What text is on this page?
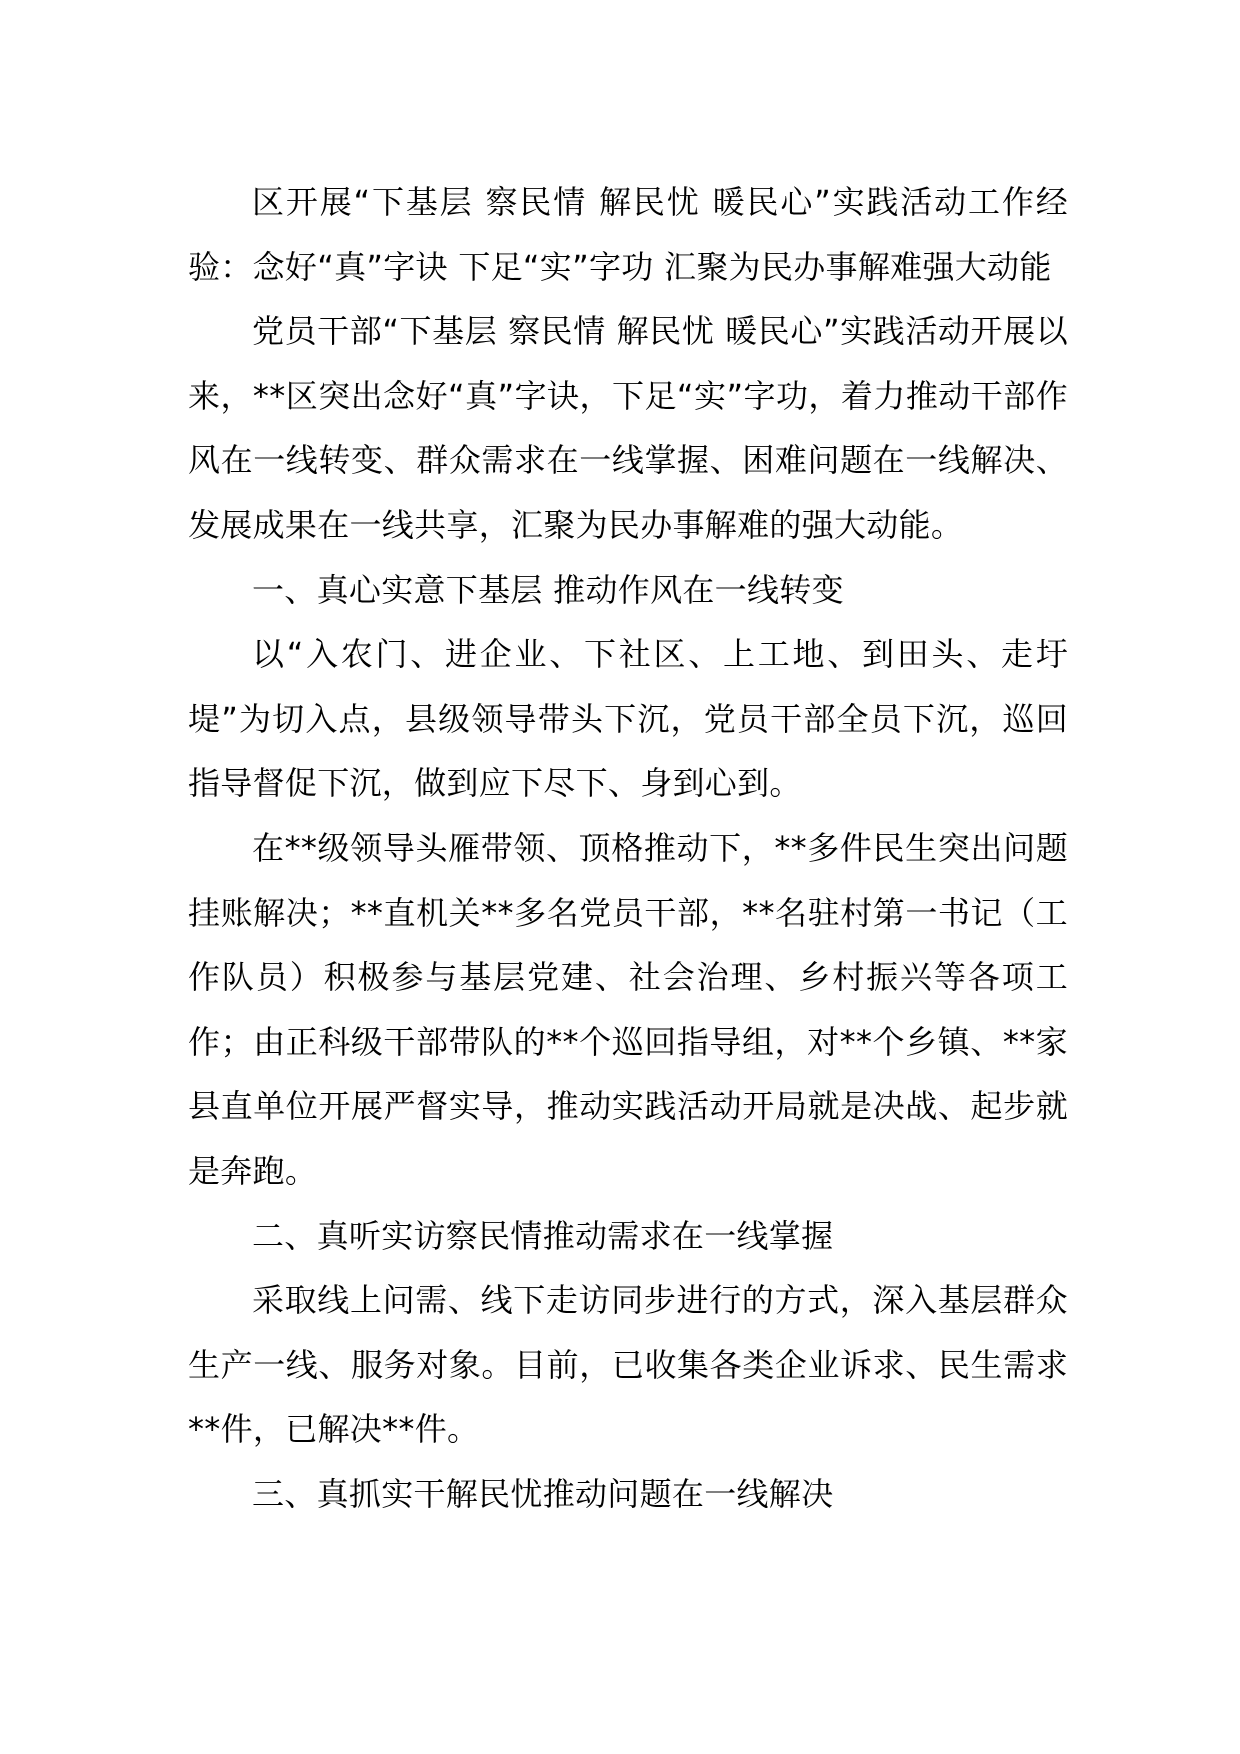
区开展“下基层 察民情 解民忧 暖民心”实践活动工作经验：念好“真”字诀 下足“实”字功 汇聚为民办事解难强大动能

党员干部“下基层 察民情 解民忧 暖民心”实践活动开展以来，**区突出念好“真”字诀，下足“实”字功，着力推动干部作风在一线转变、群众需求在一线掌握、困难问题在一线解决、发展成果在一线共享，汇聚为民办事解难的强大动能。

一、真心实意下基层 推动作风在一线转变

以“入农门、进企业、下社区、上工地、到田头、走圩堤”为切入点，县级领导带头下沉，党员干部全员下沉，巡回指导督促下沉，做到应下尽下、身到心到。

在**级领导头雁带领、顶格推动下，**多件民生突出问题挂账解决；**直机关**多名党员干部，**名驻村第一书记（工作队员）积极参与基层党建、社会治理、乡村振兴等各项工作；由正科级干部带队的**个巡回指导组，对**个乡镇、**家县直单位开展严督实导，推动实践活动开局就是决战、起步就是奔跑。

二、真听实访察民情推动需求在一线掌握

采取线上问需、线下走访同步进行的方式，深入基层群众生产一线、服务对象。目前，已收集各类企业诉求、民生需求**件，已解决**件。

三、真抓实干解民忧推动问题在一线解决
